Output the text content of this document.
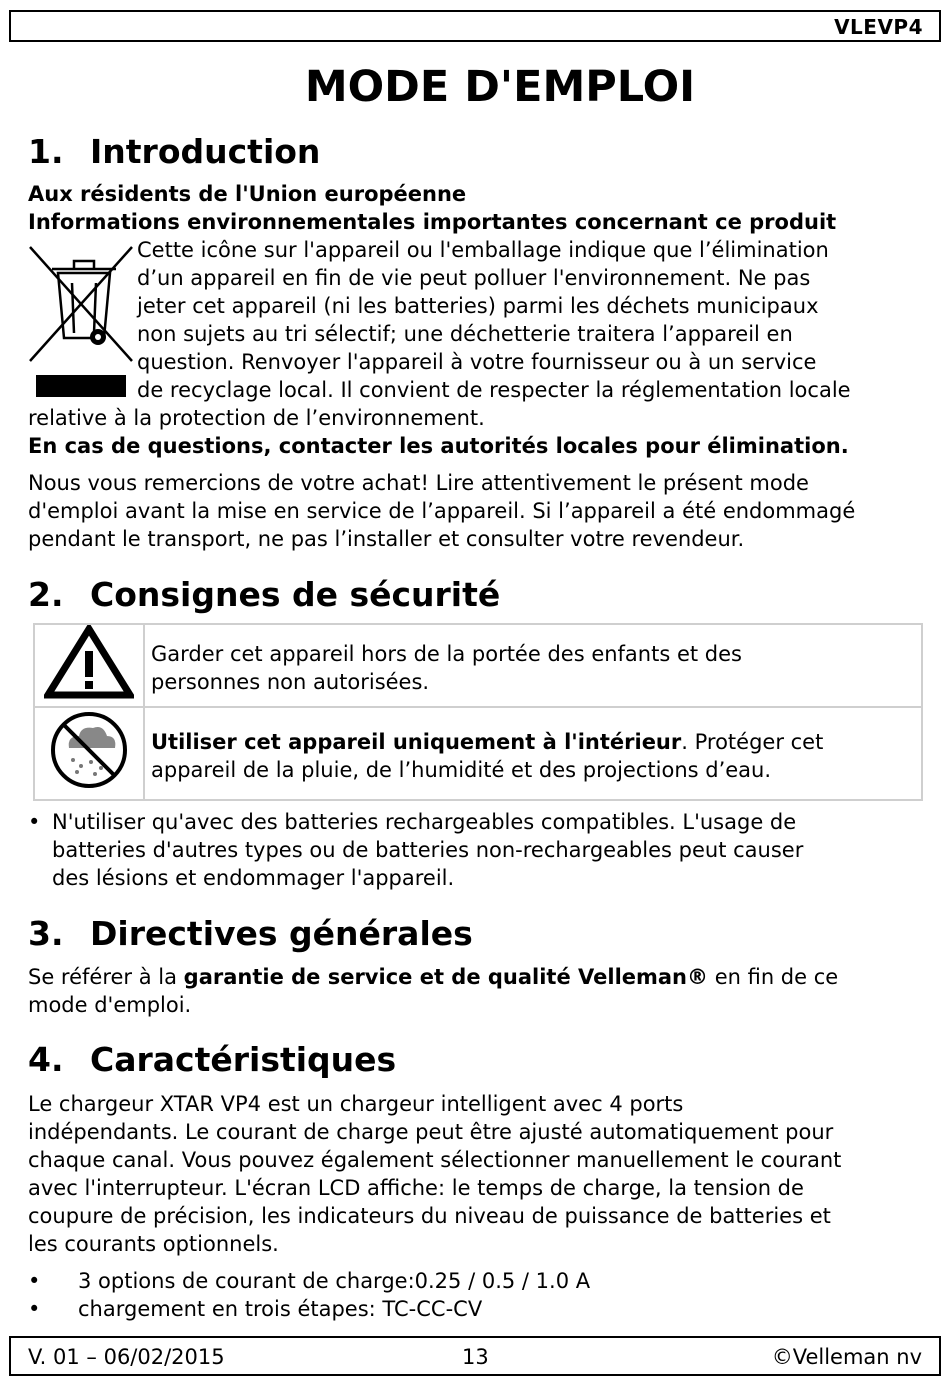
VLEVP4
MODE D'EMPLOI
1. Introduction
Aux résidents de l'Union européenne
Informations environnementales importantes concernant ce produit
Cette icône sur l'appareil ou l'emballage indique que l’élimination
d’un appareil en fin de vie peut polluer l'environnement. Ne pas
jeter cet appareil (ni les batteries) parmi les déchets municipaux
non sujets au tri sélectif; une déchetterie traitera l’appareil en
question. Renvoyer l'appareil à votre fournisseur ou à un service
de recyclage local. Il convient de respecter la réglementation locale
relative à la protection de l’environnement.
En cas de questions, contacter les autorités locales pour élimination.
Nous vous remercions de votre achat! Lire attentivement le présent mode
d'emploi avant la mise en service de l’appareil. Si l’appareil a été endommagé
pendant le transport, ne pas l’installer et consulter votre revendeur.
2. Consignes de sécurité

Garder cet appareil hors de la portée des enfants et des
personnes non autorisées.

Utiliser cet appareil uniquement à l'intérieur. Protéger cet
appareil de la pluie, de l’humidité et des projections d’eau.
• N'utiliser qu'avec des batteries rechargeables compatibles. L'usage de
batteries d'autres types ou de batteries non-rechargeables peut causer
des lésions et endommager l'appareil.
3. Directives générales
Se référer à la garantie de service et de qualité Velleman® en fin de ce
mode d'emploi.
4. Caractéristiques
Le chargeur XTAR VP4 est un chargeur intelligent avec 4 ports
indépendants. Le courant de charge peut être ajusté automatiquement pour
chaque canal. Vous pouvez également sélectionner manuellement le courant
avec l'interrupteur. L'écran LCD affiche: le temps de charge, la tension de
coupure de précision, les indicateurs du niveau de puissance de batteries et
les courants optionnels.
• 3 options de courant de charge:0.25 / 0.5 / 1.0 A
• chargement en trois étapes: TC-CC-CV
V. 01 – 06/02/2015	13	©Velleman nv
